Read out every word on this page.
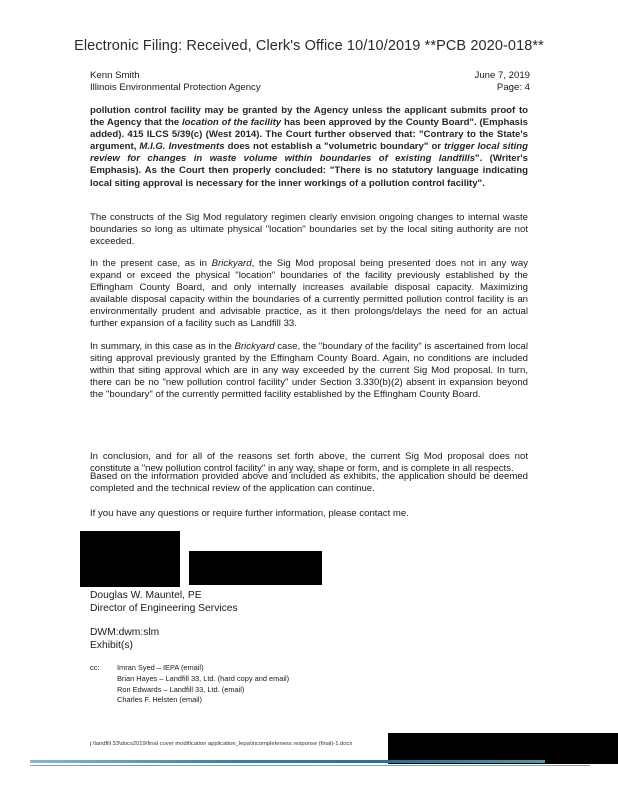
Electronic Filing: Received, Clerk's Office 10/10/2019 **PCB 2020-018**
Kenn Smith	June 7, 2019
Illinois Environmental Protection Agency	Page: 4
pollution control facility may be granted by the Agency unless the applicant submits proof to the Agency that the location of the facility has been approved by the County Board". (Emphasis added). 415 ILCS 5/39(c) (West 2014). The Court further observed that: "Contrary to the State's argument, M.I.G. Investments does not establish a "volumetric boundary" or trigger local siting review for changes in waste volume within boundaries of existing landfills". (Writer's Emphasis). As the Court then properly concluded: "There is no statutory language indicating local siting approval is necessary for the inner workings of a pollution control facility".
The constructs of the Sig Mod regulatory regimen clearly envision ongoing changes to internal waste boundaries so long as ultimate physical "location" boundaries set by the local siting authority are not exceeded.
In the present case, as in Brickyard, the Sig Mod proposal being presented does not in any way expand or exceed the physical "location" boundaries of the facility previously established by the Effingham County Board, and only internally increases available disposal capacity. Maximizing available disposal capacity within the boundaries of a currently permitted pollution control facility is an environmentally prudent and advisable practice, as it then prolongs/delays the need for an actual further expansion of a facility such as Landfill 33.
In summary, in this case as in the Brickyard case, the "boundary of the facility" is ascertained from local siting approval previously granted by the Effingham County Board. Again, no conditions are included within that siting approval which are in any way exceeded by the current Sig Mod proposal. In turn, there can be no "new pollution control facility" under Section 3.330(b)(2) absent in expansion beyond the "boundary" of the currently permitted facility established by the Effingham County Board.
In conclusion, and for all of the reasons set forth above, the current Sig Mod proposal does not constitute a "new pollution control facility" in any way, shape or form, and is complete in all respects.
Based on the information provided above and included as exhibits, the application should be deemed completed and the technical review of the application can continue.
If you have any questions or require further information, please contact me.
Douglas W. Mauntel, PE
Director of Engineering Services
DWM:dwm:slm
Exhibit(s)
cc:	Imran Syed – IEPA (email)
Brian Hayes – Landfill 33, Ltd. (hard copy and email)
Ron Edwards – Landfill 33, Ltd. (email)
Charles F. Helsten (email)
j:\landfill 33\docs2019\final cover modification application_lepa\incompleteness response (final)-1.docx
